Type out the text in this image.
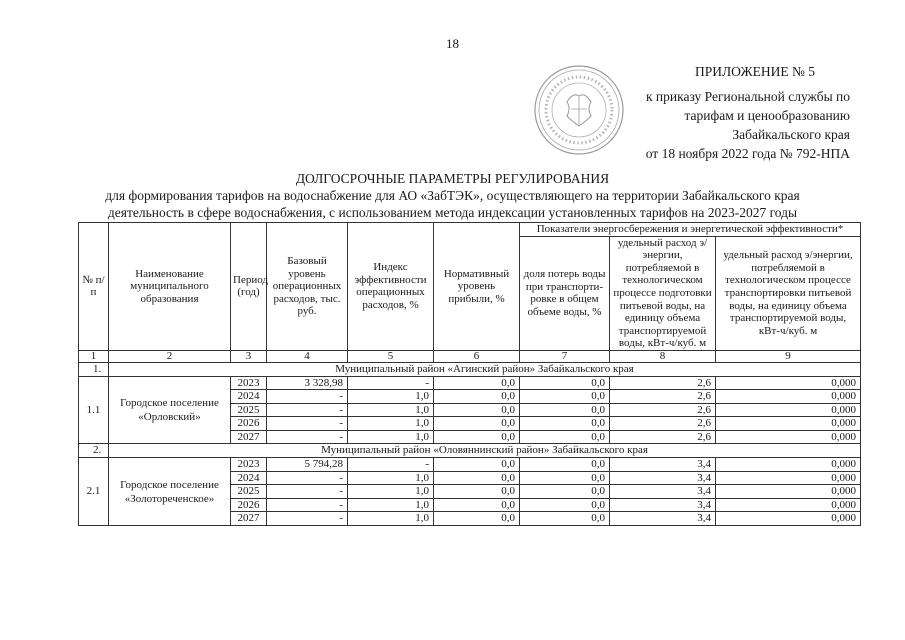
18
ПРИЛОЖЕНИЕ № 5
к приказу Региональной службы по
тарифам и ценообразованию
Забайкальского края
от 18 ноября 2022 года № 792-НПА
ДОЛГОСРОЧНЫЕ ПАРАМЕТРЫ РЕГУЛИРОВАНИЯ
для формирования тарифов на водоснабжение для АО «ЗабТЭК», осуществляющего на территории Забайкальского края
деятельность в сфере водоснабжения, с использованием метода индексации установленных тарифов на 2023-2027 годы
№ п/п	Наименование муниципального образования	Период (год)	Базовый уровень операционных расходов, тыс. руб.	Индекс эффективности операционных расходов, %	Нормативный уровень прибыли, %	Показатели энергосбережения и энергетической эффективности*		
						доля потерь воды при транспорти-ровке в общем объеме воды, %	удельный расход э/энергии, потребляемой в технологическом процессе подготовки питьевой воды, на единицу объема транспортируемой воды, кВт-ч/куб. м	удельный расход э/энергии, потребляемой в технологическом процессе транспортировки питьевой воды, на единицу объема транспортируемой воды, кВт-ч/куб. м
1	2	3	4	5	6	7	8	9
1.	Муниципальный район «Агинский район» Забайкальского края							
1.1	Городское поселение «Орловский»	2023	3 328,98	-	0,0	0,0	2,6	0,000
		2024	-	1,0	0,0	0,0	2,6	0,000
		2025	-	1,0	0,0	0,0	2,6	0,000
		2026	-	1,0	0,0	0,0	2,6	0,000
		2027	-	1,0	0,0	0,0	2,6	0,000
2.	Муниципальный район «Оловяннинский район» Забайкальского края							
2.1	Городское поселение «Золотореченское»	2023	5 794,28	-	0,0	0,0	3,4	0,000
		2024	-	1,0	0,0	0,0	3,4	0,000
		2025	-	1,0	0,0	0,0	3,4	0,000
		2026	-	1,0	0,0	0,0	3,4	0,000
		2027	-	1,0	0,0	0,0	3,4	0,000
